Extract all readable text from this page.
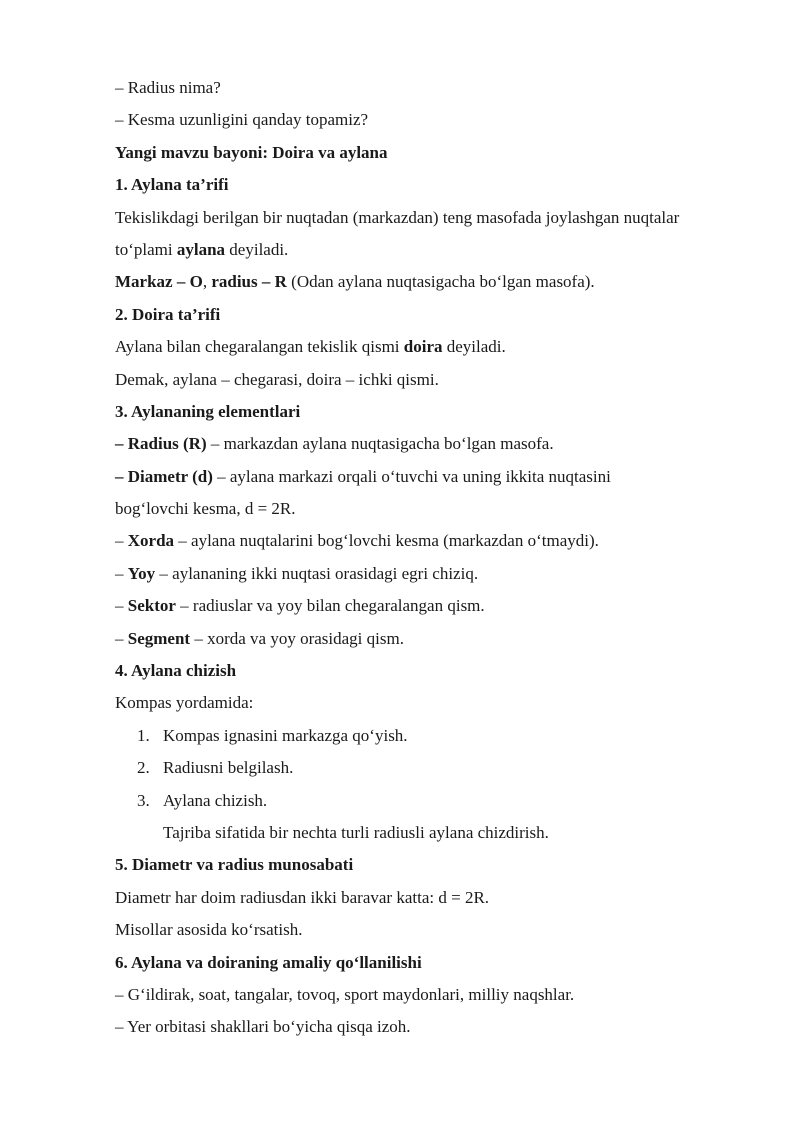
– Radius nima?
– Kesma uzunligini qanday topamiz?
Yangi mavzu bayoni: Doira va aylana
1. Aylana ta’rifi
Tekislikdagi berilgan bir nuqtadan (markazdan) teng masofada joylashgan nuqtalar
to‘plami aylana deyiladi.
Markaz – O, radius – R (Odan aylana nuqtasigacha bo‘lgan masofa).
2. Doira ta’rifi
Aylana bilan chegaralangan tekislik qismi doira deyiladi.
Demak, aylana – chegarasi, doira – ichki qismi.
3. Aylananing elementlari
– Radius (R) – markazdan aylana nuqtasigacha bo‘lgan masofa.
– Diametr (d) – aylana markazi orqali o‘tuvchi va uning ikkita nuqtasini
bog‘lovchi kesma, d = 2R.
– Xorda – aylana nuqtalarini bog‘lovchi kesma (markazdan o‘tmaydi).
– Yoy – aylananing ikki nuqtasi orasidagi egri chiziq.
– Sektor – radiuslar va yoy bilan chegaralangan qism.
– Segment – xorda va yoy orasidagi qism.
4. Aylana chizish
Kompas yordamida:
1. Kompas ignasini markazga qo‘yish.
2. Radiusni belgilash.
3. Aylana chizish.
Tajriba sifatida bir nechta turli radiusli aylana chizdirish.
5. Diametr va radius munosabati
Diametr har doim radiusdan ikki baravar katta: d = 2R.
Misollar asosida ko‘rsatish.
6. Aylana va doiraning amaliy qo‘llanilishi
– G‘ildirak, soat, tangalar, tovoq, sport maydonlari, milliy naqshlar.
– Yer orbitasi shakllari bo‘yicha qisqa izoh.
